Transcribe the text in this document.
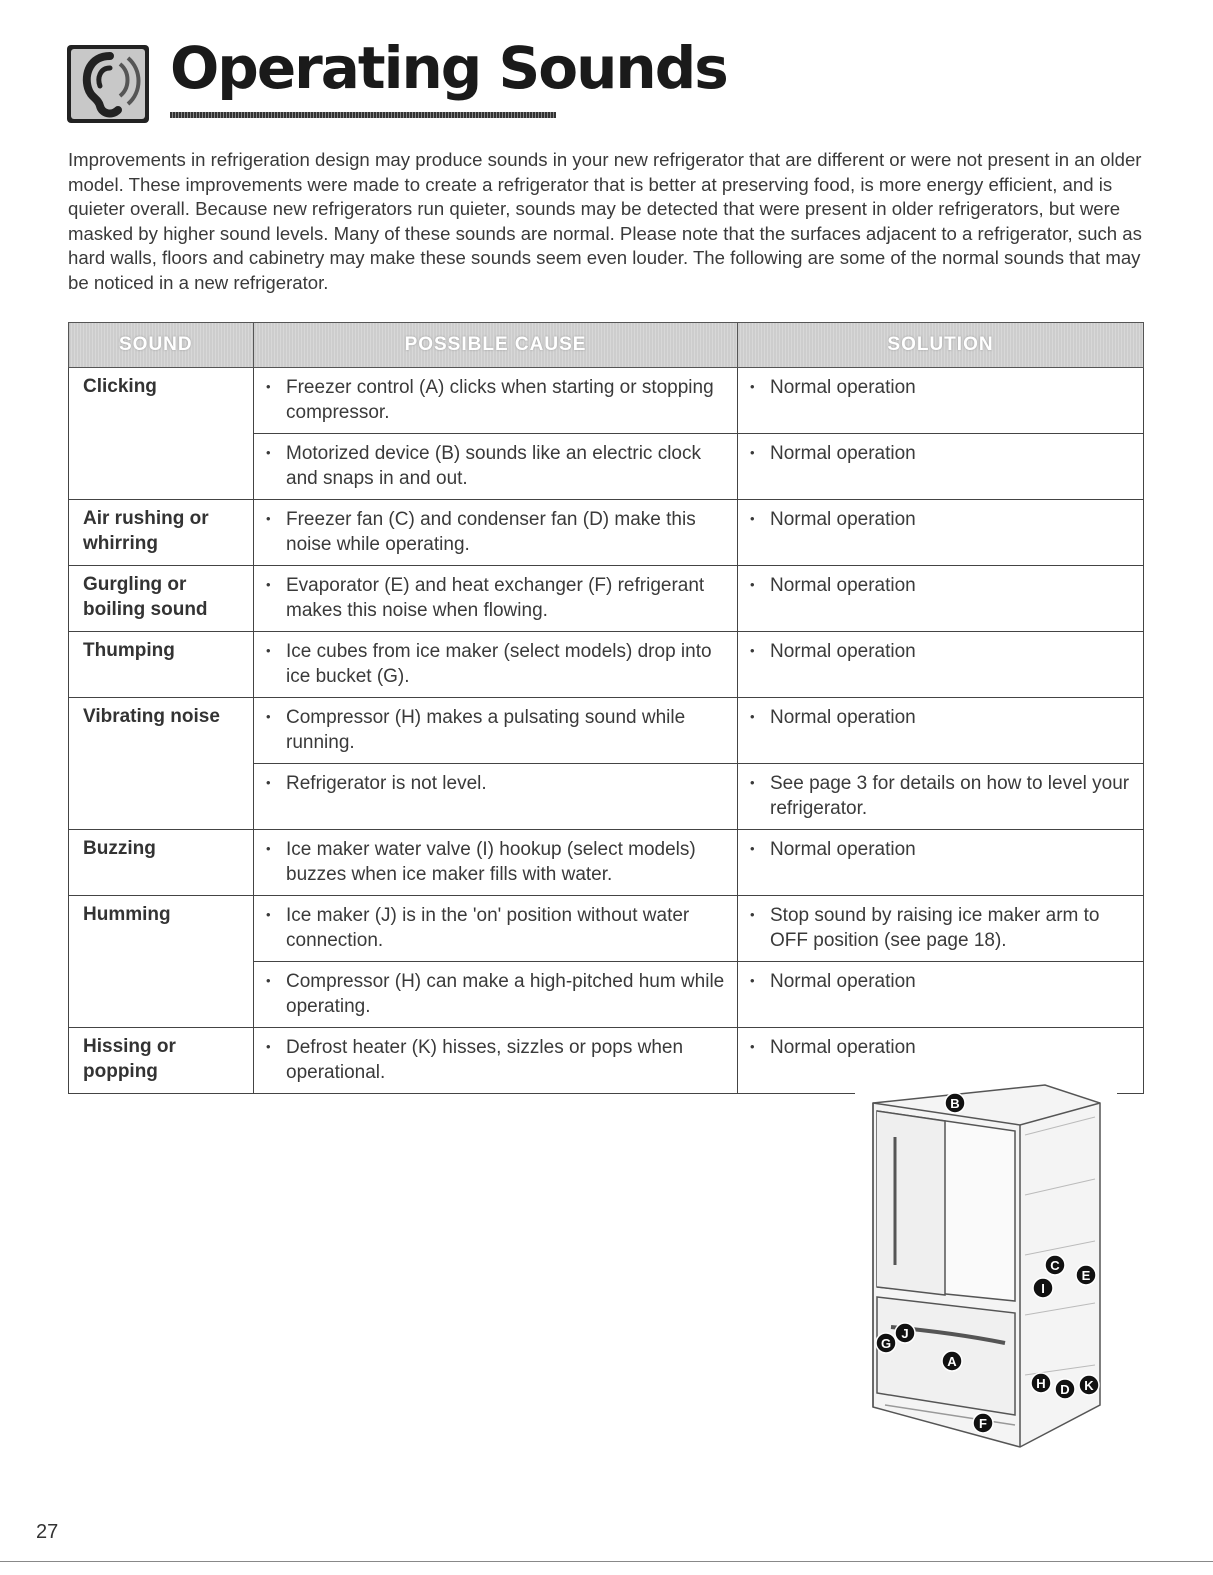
Operating Sounds

Improvements in refrigeration design may produce sounds in your new refrigerator that are different or were not present in an older model. These improvements were made to create a refrigerator that is better at preserving food, is more energy efficient, and is quieter overall. Because new refrigerators run quieter, sounds may be detected that were present in older refrigerators, but were masked by higher sound levels. Many of these sounds are normal. Please note that the surfaces adjacent to a refrigerator, such as hard walls, floors and cabinetry may make these sounds seem even louder. The following are some of the normal sounds that may be noticed in a new refrigerator.

SOUND	POSSIBLE CAUSE	SOLUTION
Clicking	• Freezer control (A) clicks when starting or stopping compressor.	• Normal operation

	• Motorized device (B) sounds like an electric clock and snaps in and out.	• Normal operation

Air rushing or whirring	• Freezer fan (C) and condenser fan (D) make this noise while operating.	• Normal operation

Gurgling or boiling sound	• Evaporator (E) and heat exchanger (F) refrigerant makes this noise when flowing.	• Normal operation

Thumping	• Ice cubes from ice maker (select models) drop into ice bucket (G).	• Normal operation

Vibrating noise	• Compressor (H) makes a pulsating sound while running.	• Normal operation

	• Refrigerator is not level.	• See page 3 for details on how to level your refrigerator.

Buzzing	• Ice maker water valve (I) hookup (select models) buzzes when ice maker fills with water.	• Normal operation

Humming	• Ice maker (J) is in the 'on' position without water connection.	• Stop sound by raising ice maker arm to OFF position (see page 18).

	• Compressor (H) can make a high-pitched hum while operating.	• Normal operation

Hissing or popping	• Defrost heater (K) hisses, sizzles or pops when operational.	• Normal operation
A
B
C
D
E
F
G
H
I
J
K
27
